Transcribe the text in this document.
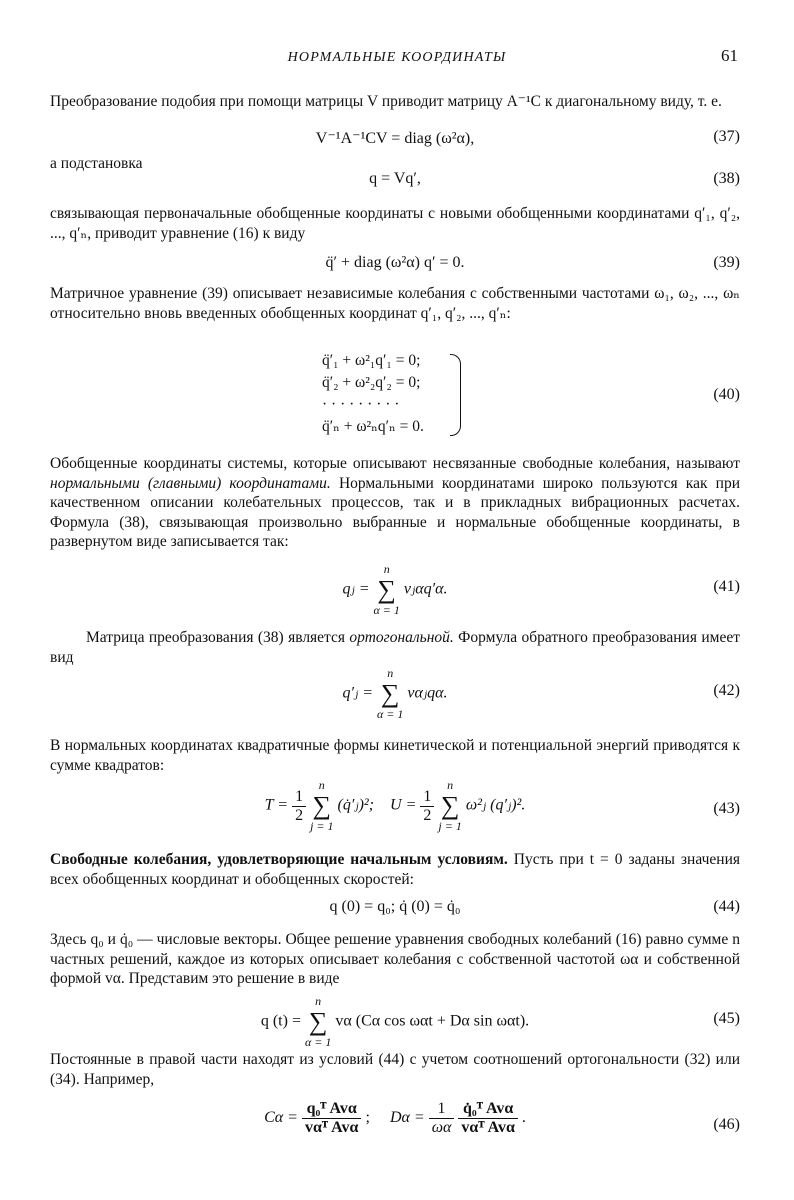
НОРМАЛЬНЫЕ КООРДИНАТЫ	61
Преобразование подобия при помощи матрицы V приводит матрицу A⁻¹C к диагональному виду, т. е.
V⁻¹A⁻¹CV = diag (ω²α),	(37)
а подстановка
q = Vq′,	(38)
связывающая первоначальные обобщенные координаты с новыми обобщенными координатами q′₁, q′₂, ..., q′ₙ, приводит уравнение (16) к виду
q̈′ + diag (ω²α) q′ = 0.	(39)
Матричное уравнение (39) описывает независимые колебания с собственными частотами ω₁, ω₂, ..., ωₙ относительно вновь введенных обобщенных координат q′₁, q′₂, ..., q′ₙ:
q̈′₁ + ω²₁q′₁ = 0;
q̈′₂ + ω²₂q′₂ = 0;
· · · · · · · · ·
q̈′ₙ + ω²ₙq′ₙ = 0.
(40)
Обобщенные координаты системы, которые описывают несвязанные свободные колебания, называют нормальными (главными) координатами. Нормальными координатами широко пользуются как при качественном описании колебательных процессов, так и в прикладных вибрационных расчетах. Формула (38), связывающая произвольно выбранные и нормальные обобщенные координаты, в развернутом виде записывается так:
qⱼ =
n
∑
α = 1
vⱼαq′α.	(41)
Матрица преобразования (38) является ортогональной. Формула обратного преобразования имеет вид
q′ⱼ =
n
∑
α = 1
vαⱼqα.	(42)
В нормальных координатах квадратичные формы кинетической и потенциальной энергий приводятся к сумме квадратов:
$T = \frac{1}{2}$

n
∑
j = 1
(q̇′ⱼ)²; $U = \frac{1}{2}$

n
∑
j = 1
ω²ⱼ (q′ⱼ)².	(43)
Свободные колебания, удовлетворяющие начальным условиям. Пусть при t = 0 заданы значения всех обобщенных координат и обобщенных скоростей:
q (0) = q₀; q̇ (0) = q̇₀	(44)
Здесь q₀ и q̇₀ — числовые векторы. Общее решение уравнения свободных колебаний (16) равно сумме n частных решений, каждое из которых описывает колебания с собственной частотой ωα и собственной формой vα. Представим это решение в виде
q (t) =
n
∑
α = 1
vα (Cα cos ωαt + Dα sin ωαt).	(45)
Постоянные в правой части находят из условий (44) с учетом соотношений ортогональности (32) или (34). Например,
$C\alpha = \frac{\text{q₀ᵀ Avα}}{\text{vαᵀ Avα}}$ ; $D\alpha = \frac{1}{\omega\alpha}$
$\frac{\text{q̇₀ᵀ Avα}}{\text{vαᵀ Avα}}$ .	(46)
